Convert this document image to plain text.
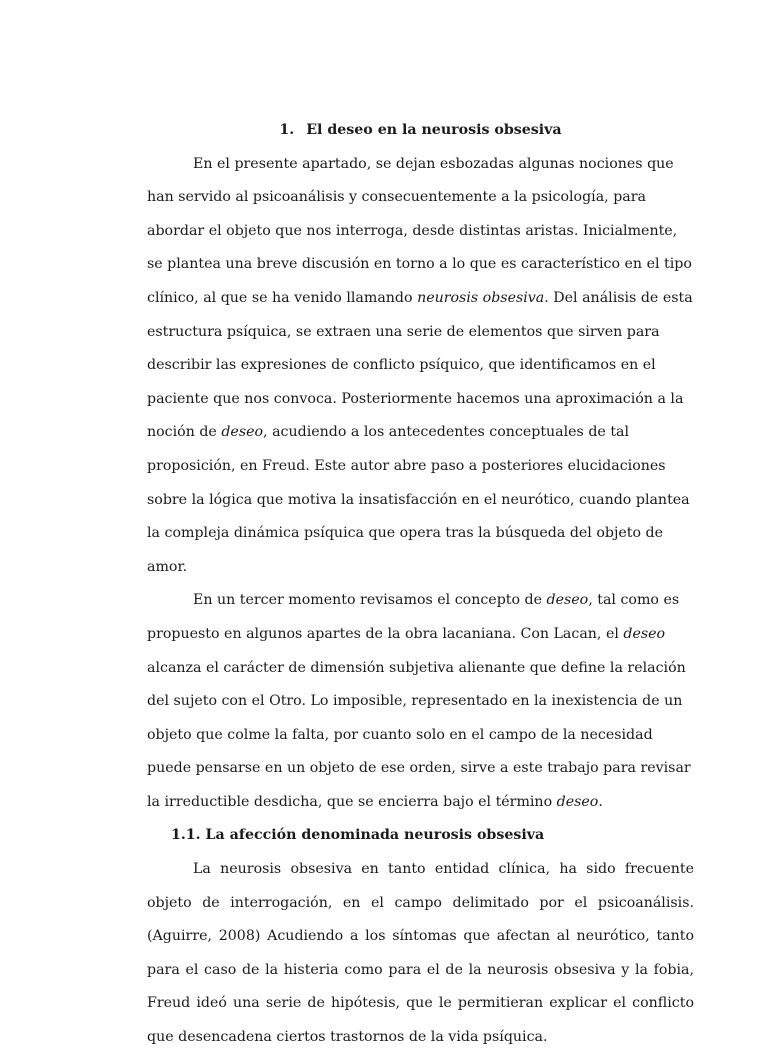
1. El deseo en la neurosis obsesiva

En el presente apartado, se dejan esbozadas algunas nociones que han servido al psicoanálisis y consecuentemente a la psicología, para abordar el objeto que nos interroga, desde distintas aristas. Inicialmente, se plantea una breve discusión en torno a lo que es característico en el tipo clínico, al que se ha venido llamando neurosis obsesiva. Del análisis de esta estructura psíquica, se extraen una serie de elementos que sirven para describir las expresiones de conflicto psíquico, que identificamos en el paciente que nos convoca. Posteriormente hacemos una aproximación a la noción de deseo, acudiendo a los antecedentes conceptuales de tal proposición, en Freud. Este autor abre paso a posteriores elucidaciones sobre la lógica que motiva la insatisfacción en el neurótico, cuando plantea la compleja dinámica psíquica que opera tras la búsqueda del objeto de amor.

En un tercer momento revisamos el concepto de deseo, tal como es propuesto en algunos apartes de la obra lacaniana. Con Lacan, el deseo alcanza el carácter de dimensión subjetiva alienante que define la relación del sujeto con el Otro. Lo imposible, representado en la inexistencia de un objeto que colme la falta, por cuanto solo en el campo de la necesidad puede pensarse en un objeto de ese orden, sirve a este trabajo para revisar la irreductible desdicha, que se encierra bajo el término deseo.

1.1. La afección denominada neurosis obsesiva

La neurosis obsesiva en tanto entidad clínica, ha sido frecuente objeto de interrogación, en el campo delimitado por el psicoanálisis. (Aguirre, 2008) Acudiendo a los síntomas que afectan al neurótico, tanto para el caso de la histeria como para el de la neurosis obsesiva y la fobia, Freud ideó una serie de hipótesis, que le permitieran explicar el conflicto que desencadena ciertos trastornos de la vida psíquica.
